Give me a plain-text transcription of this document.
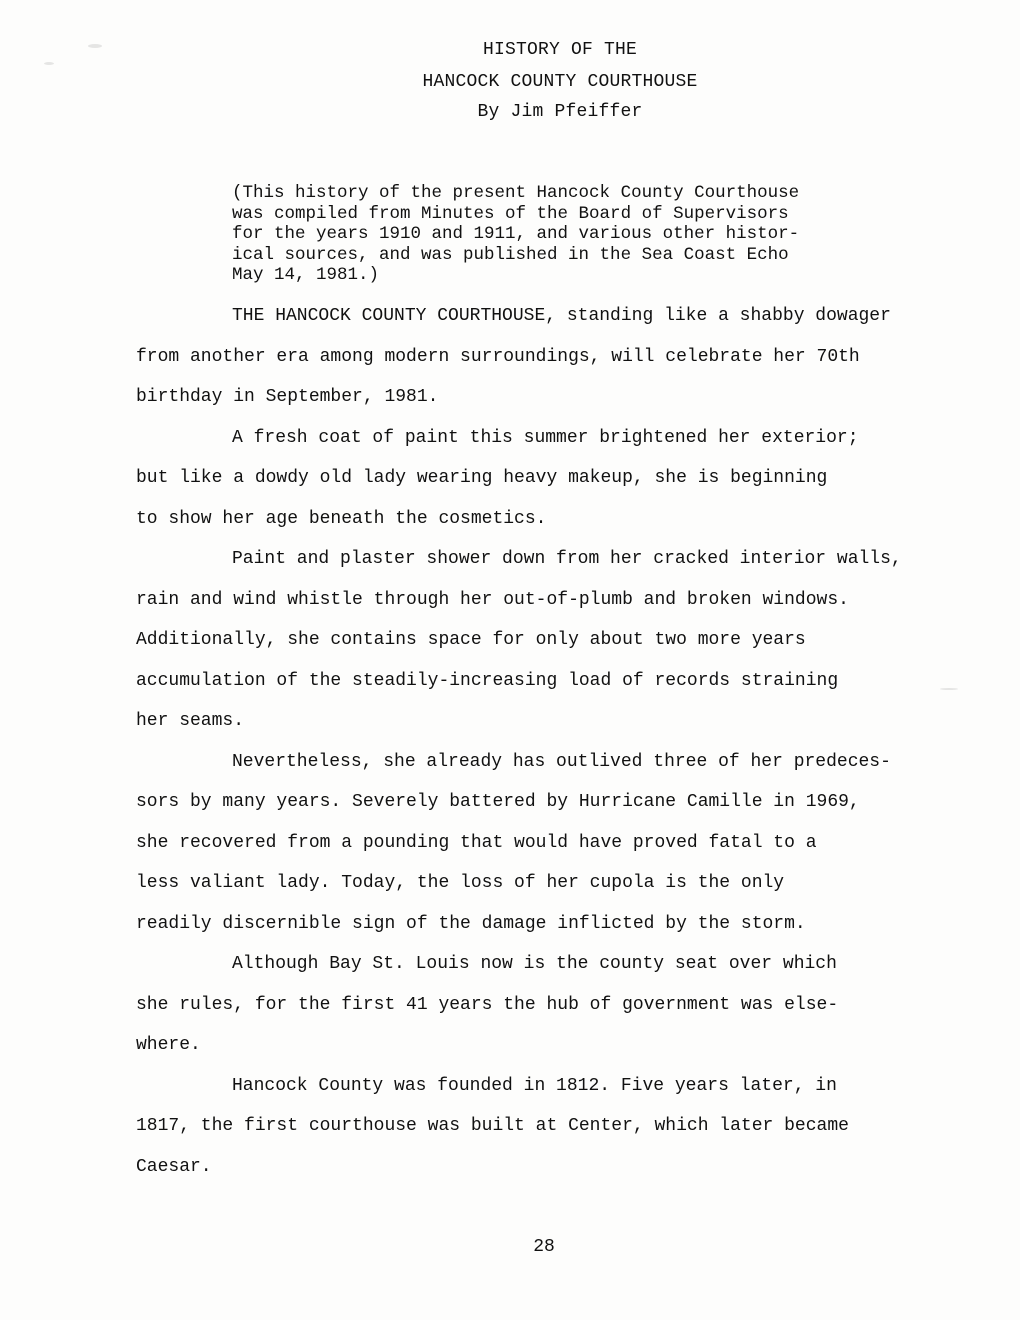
HISTORY OF THE
HANCOCK COUNTY COURTHOUSE
By Jim Pfeiffer
(This history of the present Hancock County Courthouse
was compiled from Minutes of the Board of Supervisors
for the years 1910 and 1911, and various other histor-
ical sources, and was published in the Sea Coast Echo
May 14, 1981.)
THE HANCOCK COUNTY COURTHOUSE, standing like a shabby dowager
from another era among modern surroundings, will celebrate her 70th
birthday in September, 1981.
A fresh coat of paint this summer brightened her exterior;
but like a dowdy old lady wearing heavy makeup, she is beginning
to show her age beneath the cosmetics.
Paint and plaster shower down from her cracked interior walls,
rain and wind whistle through her out-of-plumb and broken windows.
Additionally, she contains space for only about two more years
accumulation of the steadily-increasing load of records straining
her seams.
Nevertheless, she already has outlived three of her predeces-
sors by many years. Severely battered by Hurricane Camille in 1969,
she recovered from a pounding that would have proved fatal to a
less valiant lady. Today, the loss of her cupola is the only
readily discernible sign of the damage inflicted by the storm.
Although Bay St. Louis now is the county seat over which
she rules, for the first 41 years the hub of government was else-
where.
Hancock County was founded in 1812. Five years later, in
1817, the first courthouse was built at Center, which later became
Caesar.
28
